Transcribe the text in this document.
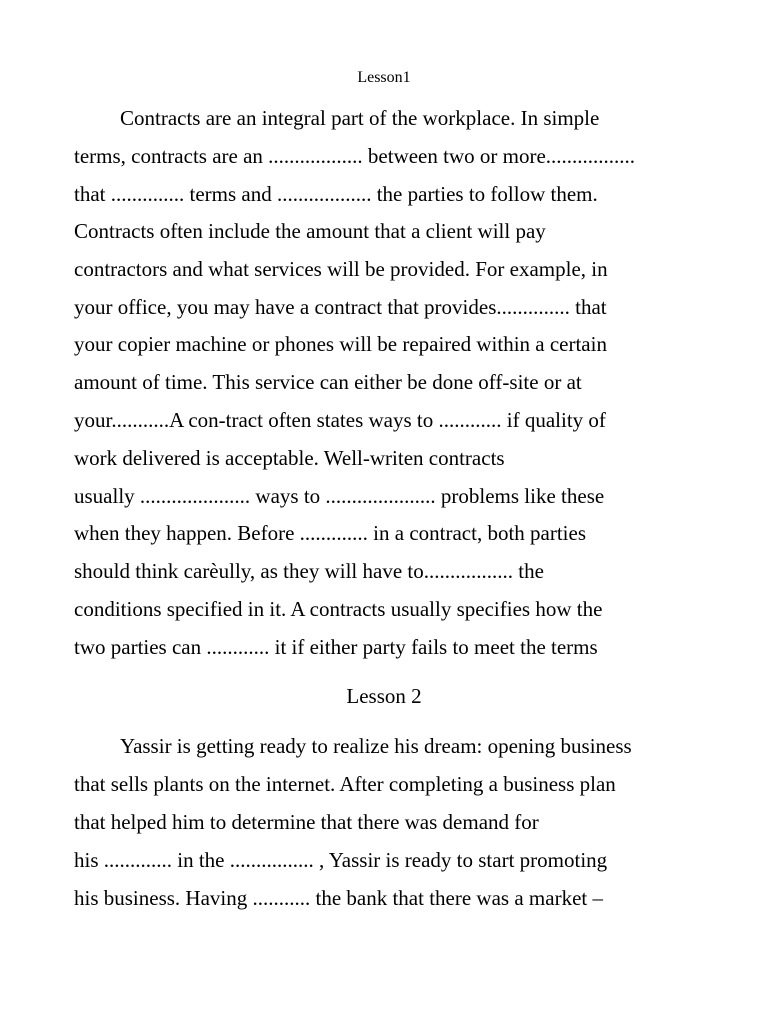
Lesson1
Contracts are an integral part of the workplace. In simple
terms, contracts are an .................. between two or more.................
that .............. terms and .................. the parties to follow them.
Contracts often include the amount that a client will pay
contractors and what services will be provided. For example, in
your office, you may have a contract that provides.............. that
your copier machine or phones will be repaired within a certain
amount of time. This service can either be done off-site or at
your...........A con-tract often states ways to ............ if quality of
work delivered is acceptable. Well-writen contracts
usually ..................... ways to ..................... problems like these
when they happen. Before ............. in a contract, both parties
should think carèully, as they will have to................. the
conditions specified in it. A contracts usually specifies how the
two parties can ............ it if either party fails to meet the terms
Lesson 2
Yassir is getting ready to realize his dream: opening business
that sells plants on the internet. After completing a business plan
that helped him to determine that there was demand for
his ............. in the ................ , Yassir is ready to start promoting
his business. Having ........... the bank that there was a market –
